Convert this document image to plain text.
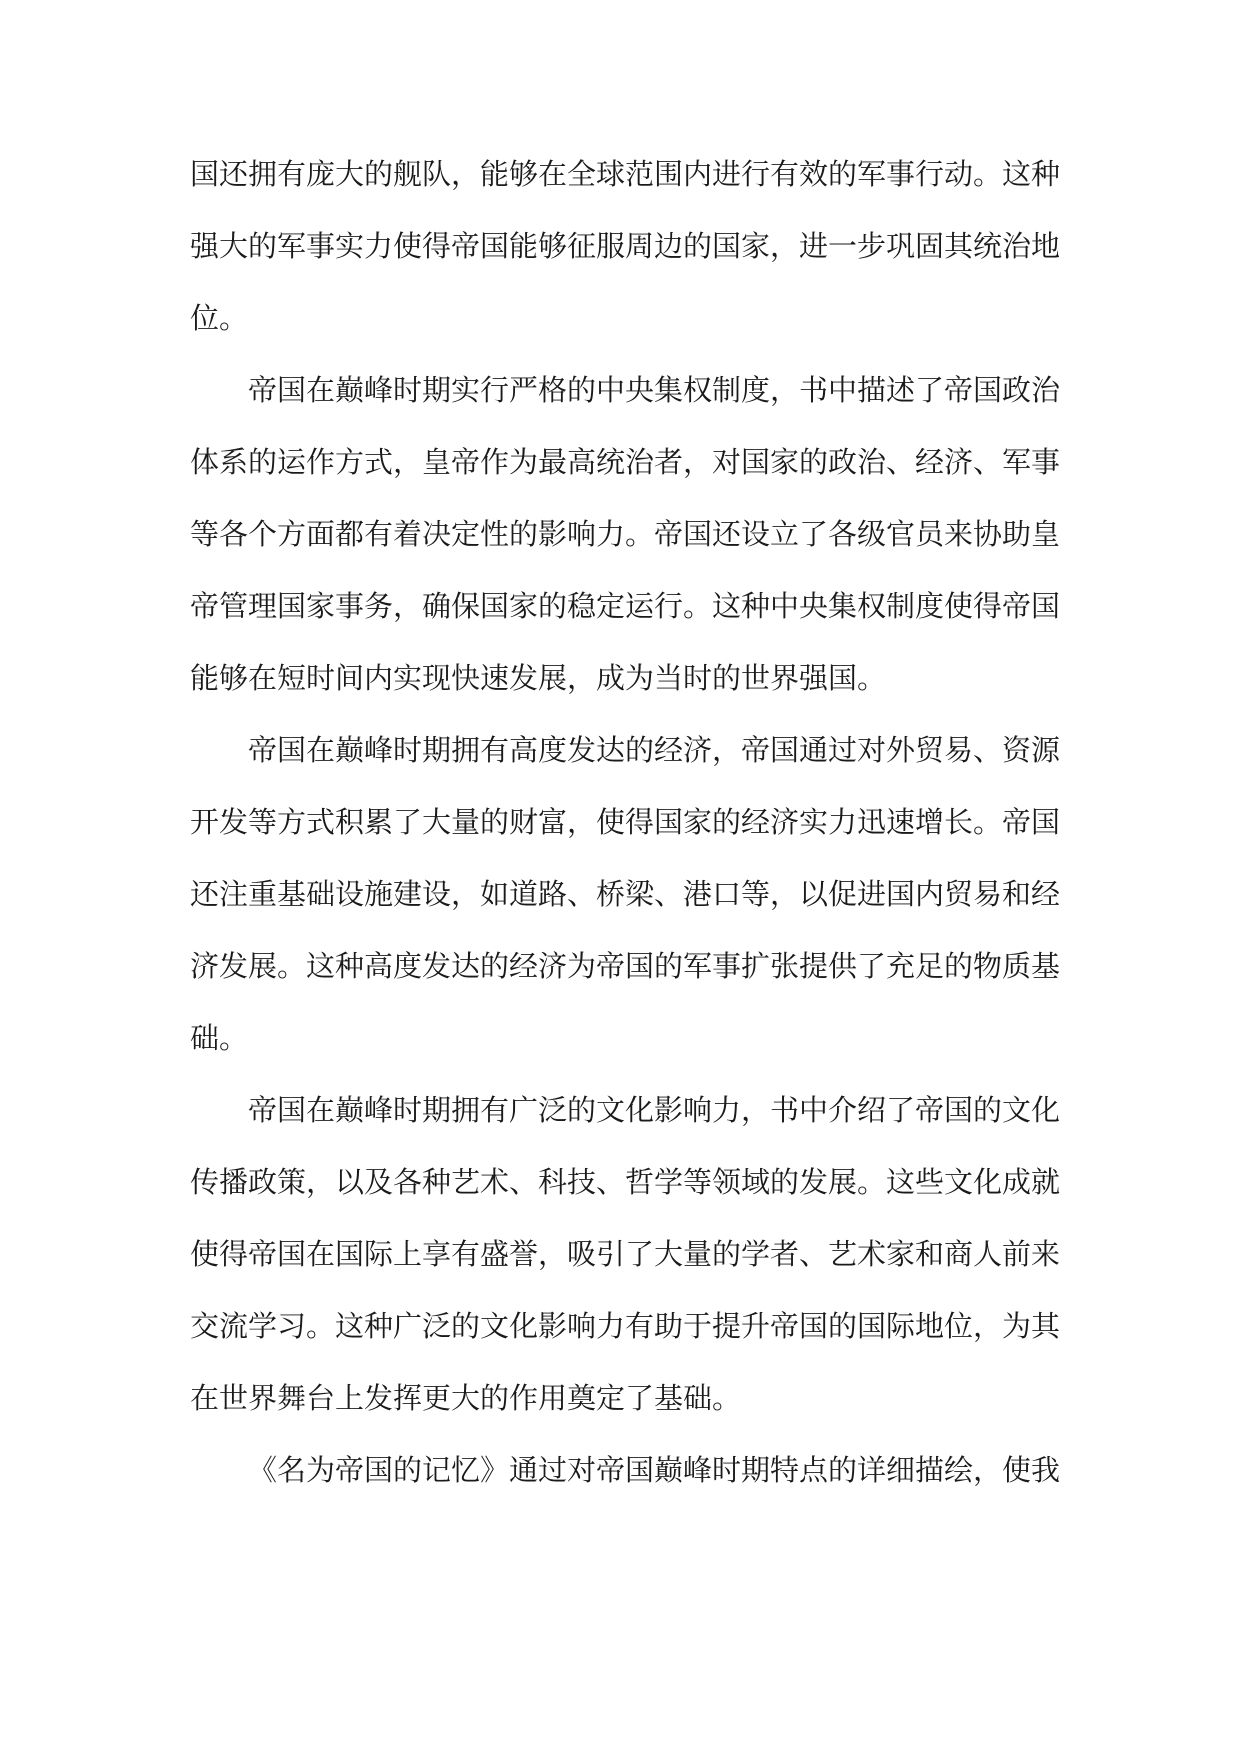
国还拥有庞大的舰队，能够在全球范围内进行有效的军事行动。这种
强大的军事实力使得帝国能够征服周边的国家，进一步巩固其统治地
位。
帝国在巅峰时期实行严格的中央集权制度，书中描述了帝国政治
体系的运作方式，皇帝作为最高统治者，对国家的政治、经济、军事
等各个方面都有着决定性的影响力。帝国还设立了各级官员来协助皇
帝管理国家事务，确保国家的稳定运行。这种中央集权制度使得帝国
能够在短时间内实现快速发展，成为当时的世界强国。
帝国在巅峰时期拥有高度发达的经济，帝国通过对外贸易、资源
开发等方式积累了大量的财富，使得国家的经济实力迅速增长。帝国
还注重基础设施建设，如道路、桥梁、港口等，以促进国内贸易和经
济发展。这种高度发达的经济为帝国的军事扩张提供了充足的物质基
础。
帝国在巅峰时期拥有广泛的文化影响力，书中介绍了帝国的文化
传播政策，以及各种艺术、科技、哲学等领域的发展。这些文化成就
使得帝国在国际上享有盛誉，吸引了大量的学者、艺术家和商人前来
交流学习。这种广泛的文化影响力有助于提升帝国的国际地位，为其
在世界舞台上发挥更大的作用奠定了基础。
《名为帝国的记忆》通过对帝国巅峰时期特点的详细描绘，使我
